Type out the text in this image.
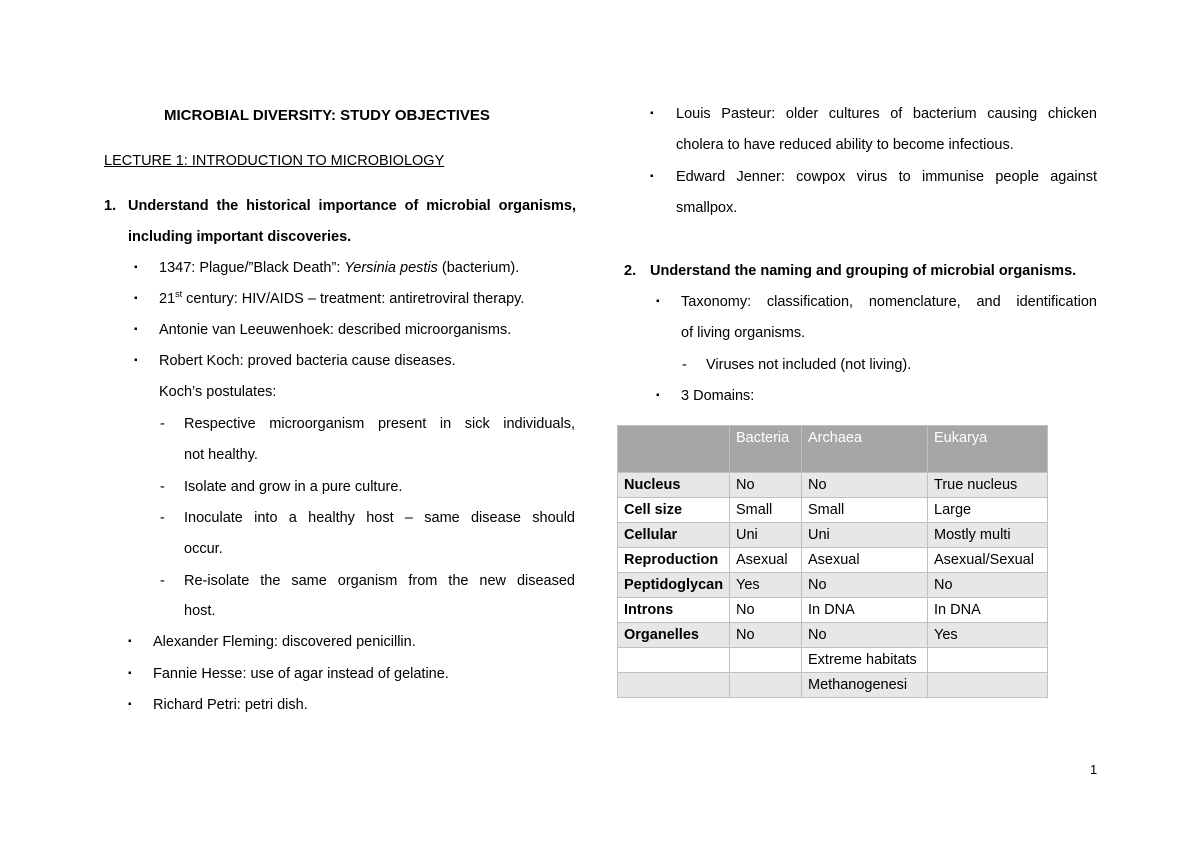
MICROBIAL DIVERSITY: STUDY OBJECTIVES
LECTURE 1: INTRODUCTION TO MICROBIOLOGY
1. Understand the historical importance of microbial organisms,
including important discoveries.
▪ 1347: Plague/”Black Death”: Yersinia pestis (bacterium).
▪ 21st century: HIV/AIDS – treatment: antiretroviral therapy.
▪ Antonie van Leeuwenhoek: described microorganisms.
▪ Robert Koch: proved bacteria cause diseases.
Koch’s postulates:
- Respective microorganism present in sick individuals,
not healthy.
- Isolate and grow in a pure culture.
- Inoculate into a healthy host – same disease should
occur.
- Re-isolate the same organism from the new diseased
host.
▪ Alexander Fleming: discovered penicillin.
▪ Fannie Hesse: use of agar instead of gelatine.
▪ Richard Petri: petri dish.
▪ Louis Pasteur: older cultures of bacterium causing chicken
cholera to have reduced ability to become infectious.
▪ Edward Jenner: cowpox virus to immunise people against
smallpox.
2. Understand the naming and grouping of microbial organisms.
▪ Taxonomy: classification, nomenclature, and identification
of living organisms.
- Viruses not included (not living).
▪ 3 Domains:
	Bacteria	Archaea	Eukarya
Nucleus	No	No	True nucleus
Cell size	Small	Small	Large
Cellular	Uni	Uni	Mostly multi
Reproduction	Asexual	Asexual	Asexual/Sexual
Peptidoglycan	Yes	No	No
Introns	No	In DNA	In DNA
Organelles	No	No	Yes
		Extreme habitats	
		Methanogenesi	
1
